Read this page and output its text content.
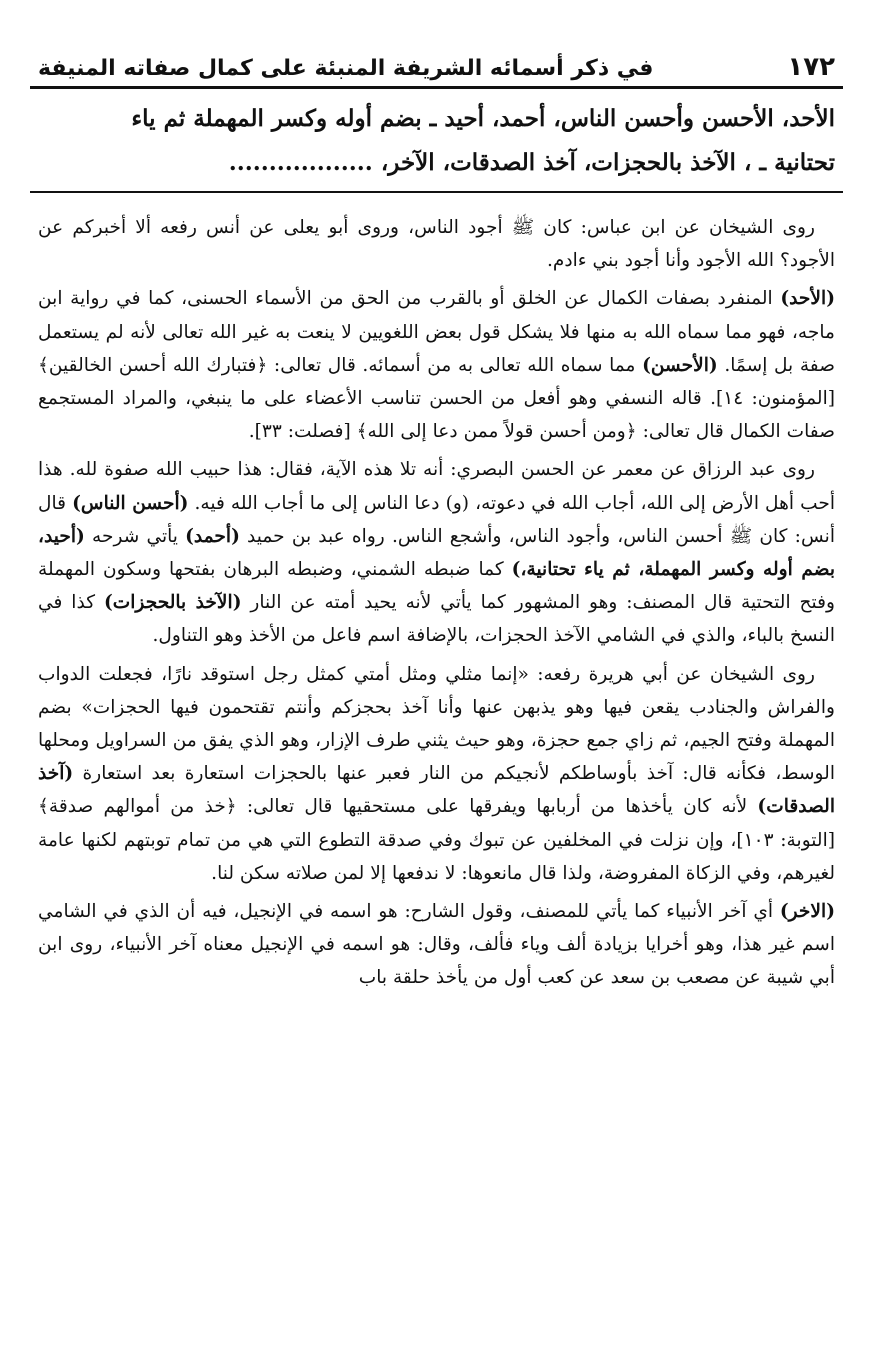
١٧٢
في ذكر أسمائه الشريفة المنبئة على كمال صفاته المنيفة
الأحد، الأحسن وأحسن الناس، أحمد، أحيد ـ بضم أوله وكسر المهملة ثم ياء
تحتانية ـ ، الآخذ بالحجزات، آخذ الصدقات، الآخر، ..................

روى الشيخان عن ابن عباس: كان ﷺ أجود الناس، وروى أبو يعلى عن أنس رفعه ألا أخبركم عن الأجود؟ الله الأجود وأنا أجود بني ءادم.

(الأحد) المنفرد بصفات الكمال عن الخلق أو بالقرب من الحق من الأسماء الحسنى، كما في رواية ابن ماجه، فهو مما سماه الله به منها فلا يشكل قول بعض اللغويين لا ينعت به غير الله تعالى لأنه لم يستعمل صفة بل إسمًا. (الأحسن) مما سماه الله تعالى به من أسمائه. قال تعالى: ﴿فتبارك الله أحسن الخالقين﴾ [المؤمنون: ١٤]. قاله النسفي وهو أفعل من الحسن تناسب الأعضاء على ما ينبغي، والمراد المستجمع صفات الكمال قال تعالى: ﴿ومن أحسن قولاً ممن دعا إلى الله﴾ [فصلت: ٣٣].

روى عبد الرزاق عن معمر عن الحسن البصري: أنه تلا هذه الآية، فقال: هذا حبيب الله صفوة لله. هذا أحب أهل الأرض إلى الله، أجاب الله في دعوته، (و) دعا الناس إلى ما أجاب الله فيه. (أحسن الناس) قال أنس: كان ﷺ أحسن الناس، وأجود الناس، وأشجع الناس. رواه عبد بن حميد (أحمد) يأتي شرحه (أحيد، بضم أوله وكسر المهملة، ثم ياء تحتانية،) كما ضبطه الشمني، وضبطه البرهان بفتحها وسكون المهملة وفتح التحتية قال المصنف: وهو المشهور كما يأتي لأنه يحيد أمته عن النار (الآخذ بالحجزات) كذا في النسخ بالباء، والذي في الشامي الآخذ الحجزات، بالإضافة اسم فاعل من الأخذ وهو التناول.

روى الشيخان عن أبي هريرة رفعه: «إنما مثلي ومثل أمتي كمثل رجل استوقد نارًا، فجعلت الدواب والفراش والجنادب يقعن فيها وهو يذبهن عنها وأنا آخذ بحجزكم وأنتم تقتحمون فيها الحجزات» بضم المهملة وفتح الجيم، ثم زاي جمع حجزة، وهو حيث يثني طرف الإزار، وهو الذي يفق من السراويل ومحلها الوسط، فكأنه قال: آخذ بأوساطكم لأنجيكم من النار فعبر عنها بالحجزات استعارة بعد استعارة (آخذ الصدقات) لأنه كان يأخذها من أربابها ويفرقها على مستحقيها قال تعالى: ﴿خذ من أموالهم صدقة﴾ [التوبة: ١٠٣]، وإن نزلت في المخلفين عن تبوك وفي صدقة التطوع التي هي من تمام توبتهم لكنها عامة لغيرهم، وفي الزكاة المفروضة، ولذا قال مانعوها: لا ندفعها إلا لمن صلاته سكن لنا.

(الاخر) أي آخر الأنبياء كما يأتي للمصنف، وقول الشارح: هو اسمه في الإنجيل، فيه أن الذي في الشامي اسم غير هذا، وهو أخرايا بزيادة ألف وياء فألف، وقال: هو اسمه في الإنجيل معناه آخر الأنبياء، روى ابن أبي شيبة عن مصعب بن سعد عن كعب أول من يأخذ حلقة باب
